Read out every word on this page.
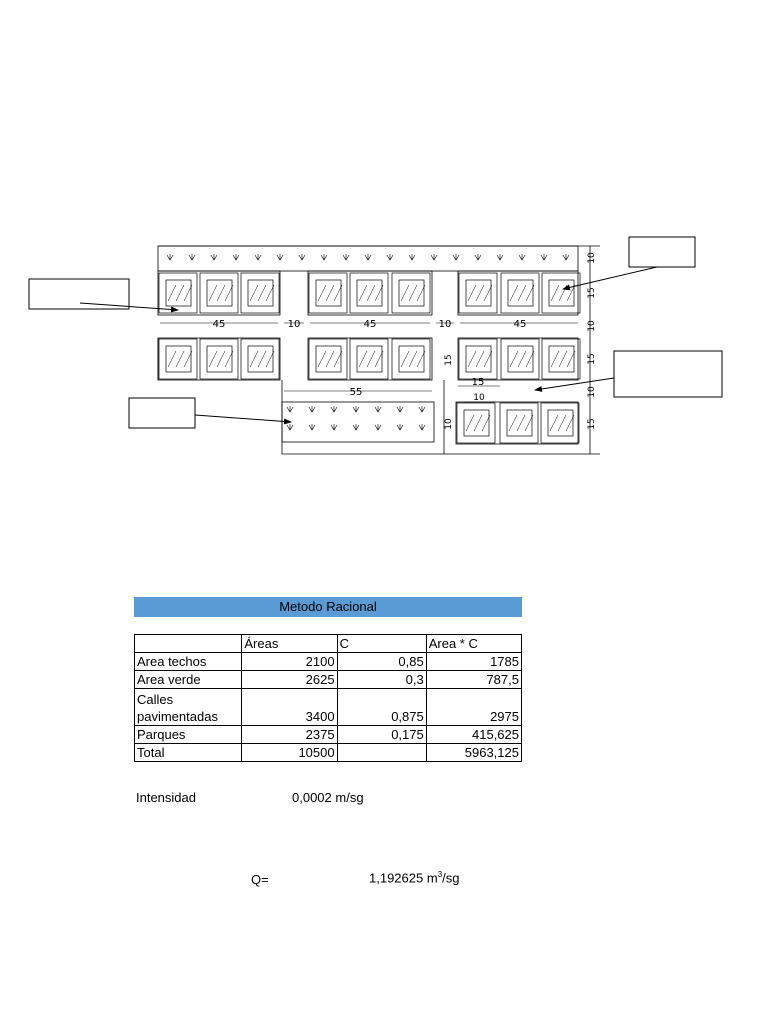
45	10	45	10	45
55
15
10
10
15
10
15
10
15
15
10
Metodo Racional
	Áreas	C	Area * C
Area techos	2100	0,85	1785
Area verde	2625	0,3	787,5

Calles
pavimentadas	3400	0,875	2975
Parques	2375	0,175	415,625
Total	10500		5963,125
Intensidad	0,0002 m/sg
Q=	1,192625 $m^3/sg$
